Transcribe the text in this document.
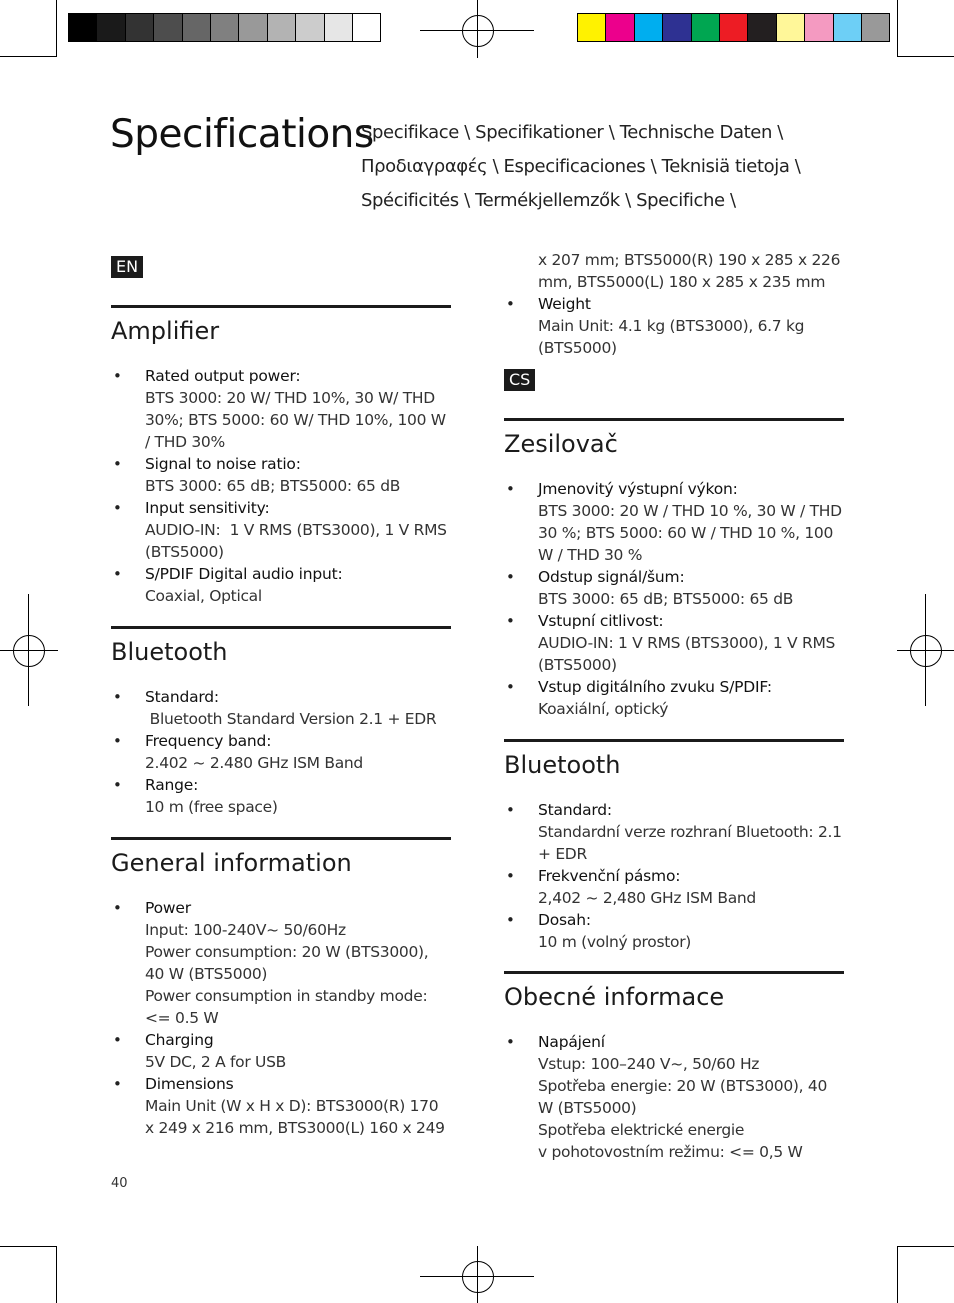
Specifications
Specifikace \ Specifikationer \ Technische Daten \ Προδιαγραφές \ Especificaciones \ Teknisiä tietoja \ Spécificités \ Termékjellemzők \ Specifiche \
EN
Amplifier
• Rated output power:
BTS 3000: 20 W/ THD 10%, 30 W/ THD 30%; BTS 5000: 60 W/ THD 10%, 100 W / THD 30%
• Signal to noise ratio:
BTS 3000: 65 dB; BTS5000: 65 dB
• Input sensitivity:
AUDIO-IN:  1 V RMS (BTS3000), 1 V RMS (BTS5000)
• S/PDIF Digital audio input:
Coaxial, Optical
Bluetooth
• Standard:
Bluetooth Standard Version 2.1 + EDR
• Frequency band:
2.402 ~ 2.480 GHz ISM Band
• Range:
10 m (free space)
General information
• Power
Input: 100-240V~ 50/60Hz
Power consumption: 20 W (BTS3000), 40 W (BTS5000)
Power consumption in standby mode: <= 0.5 W
• Charging
5V DC, 2 A for USB
• Dimensions
Main Unit (W x H x D): BTS3000(R) 170 x 249 x 216 mm, BTS3000(L) 160 x 249
x 207 mm; BTS5000(R) 190 x 285 x 226 mm, BTS5000(L) 180 x 285 x 235 mm
• Weight
Main Unit: 4.1 kg (BTS3000), 6.7 kg (BTS5000)
CS
Zesilovač
• Jmenovitý výstupní výkon:
BTS 3000: 20 W / THD 10 %, 30 W / THD 30 %; BTS 5000: 60 W / THD 10 %, 100 W / THD 30 %
• Odstup signál/šum:
BTS 3000: 65 dB; BTS5000: 65 dB
• Vstupní citlivost:
AUDIO-IN: 1 V RMS (BTS3000), 1 V RMS (BTS5000)
• Vstup digitálního zvuku S/PDIF:
Koaxiální, optický
Bluetooth
• Standard:
Standardní verze rozhraní Bluetooth: 2.1 + EDR
• Frekvenční pásmo:
2,402 ~ 2,480 GHz ISM Band
• Dosah:
10 m (volný prostor)
Obecné informace
• Napájení
Vstup: 100–240 V~, 50/60 Hz
Spotřeba energie: 20 W (BTS3000), 40 W (BTS5000)
Spotřeba elektrické energie
v pohotovostním režimu: <= 0,5 W
40
